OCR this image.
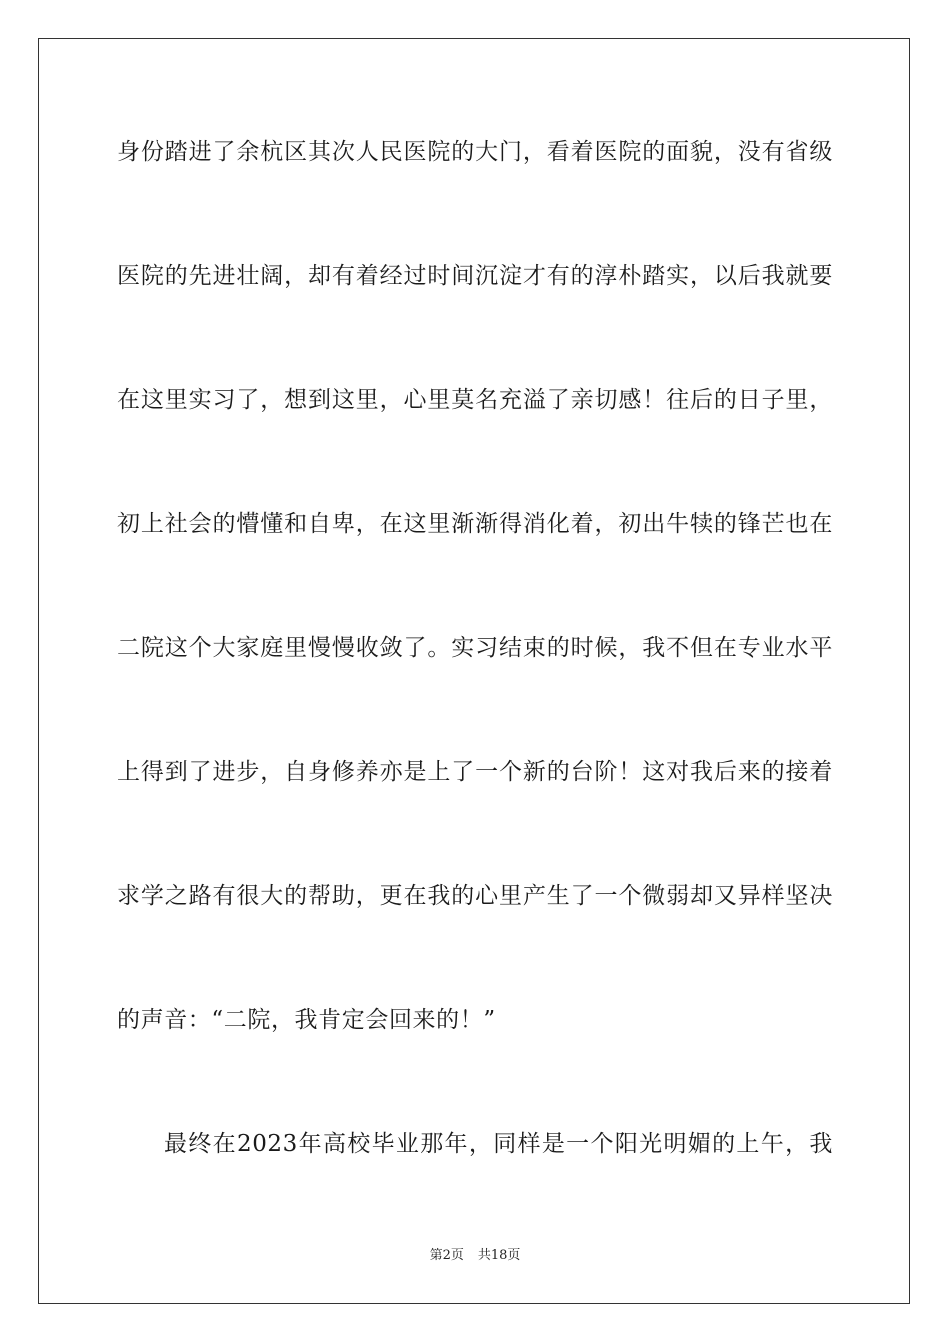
身份踏进了余杭区其次人民医院的大门，看着医院的面貌，没有省级
医院的先进壮阔，却有着经过时间沉淀才有的淳朴踏实，以后我就要
在这里实习了，想到这里，心里莫名充溢了亲切感！往后的日子里，
初上社会的懵懂和自卑，在这里渐渐得消化着，初出牛犊的锋芒也在
二院这个大家庭里慢慢收敛了。实习结束的时候，我不但在专业水平
上得到了进步，自身修养亦是上了一个新的台阶！这对我后来的接着
求学之路有很大的帮助，更在我的心里产生了一个微弱却又异样坚决
的声音：“二院，我肯定会回来的！”
最终在2023年高校毕业那年，同样是一个阳光明媚的上午，我
第2页 共18页
